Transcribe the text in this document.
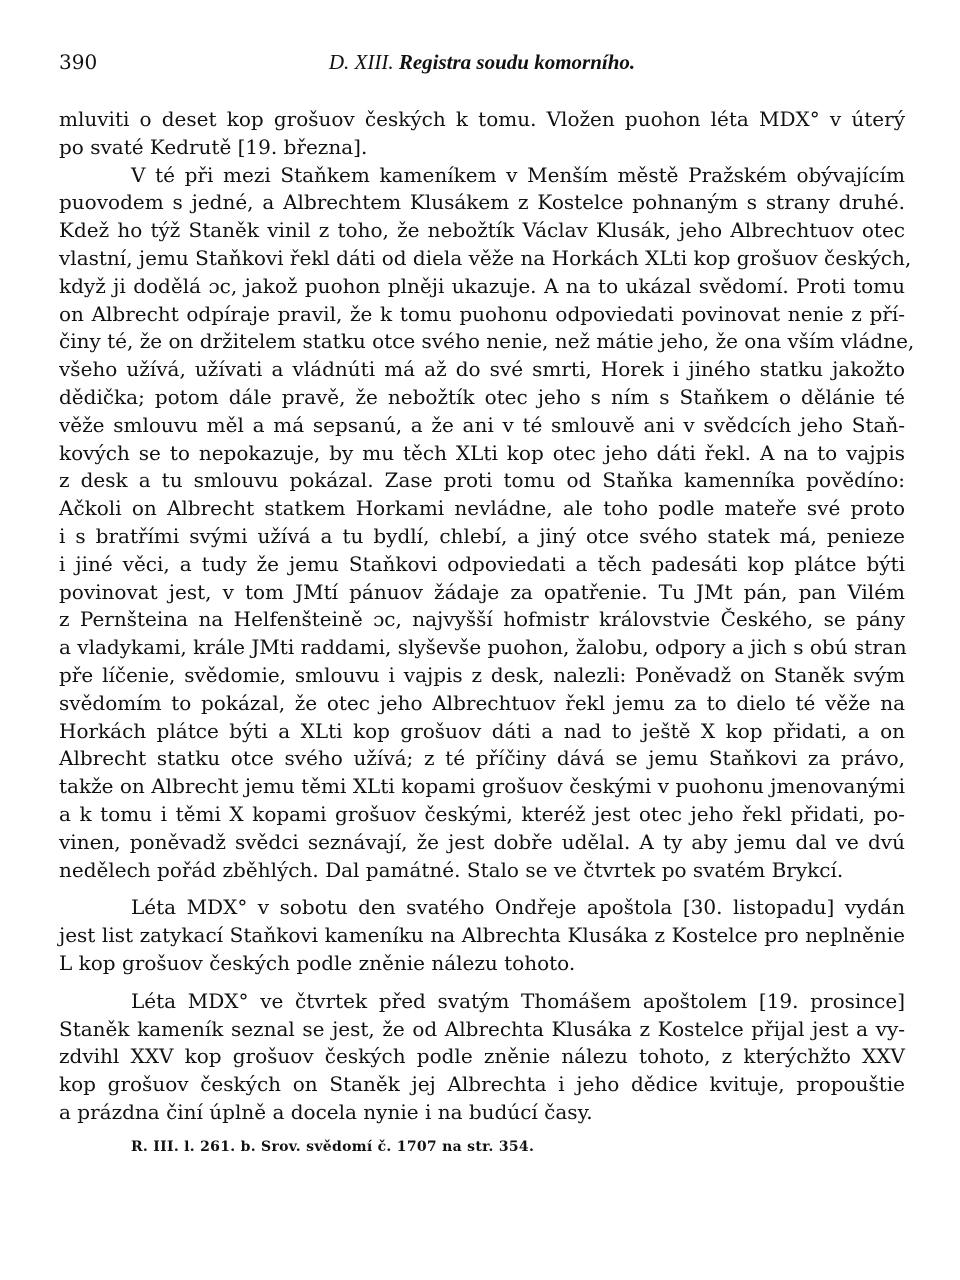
390	D. XIII. Registra soudu komorního.
mluviti o deset kop grošuov českých k tomu. Vložen puohon léta MDX° v úterý
po svaté Kedrutě [19. března].
V té při mezi Staňkem kameníkem v Menším městě Pražském obývajícím
puovodem s jedné, a Albrechtem Klusákem z Kostelce pohnaným s strany druhé.
Kdež ho týž Staněk vinil z toho, že nebožtík Václav Klusák, jeho Albrechtuov otec
vlastní, jemu Staňkovi řekl dáti od diela věže na Horkách XLti kop grošuov českých,
když ji dodělá ɔc, jakož puohon plněji ukazuje. A na to ukázal svědomí. Proti tomu
on Albrecht odpíraje pravil, že k tomu puohonu odpoviedati povinovat nenie z pří-
činy té, že on držitelem statku otce svého nenie, než mátie jeho, že ona vším vládne,
všeho užívá, užívati a vládnúti má až do své smrti, Horek i jiného statku jakožto
dědička; potom dále pravě, že nebožtík otec jeho s ním s Staňkem o dělánie té
věže smlouvu měl a má sepsanú, a že ani v té smlouvě ani v svědcích jeho Staň-
kových se to nepokazuje, by mu těch XLti kop otec jeho dáti řekl. A na to vajpis
z desk a tu smlouvu pokázal. Zase proti tomu od Staňka kamenníka povědíno:
Ačkoli on Albrecht statkem Horkami nevládne, ale toho podle mateře své proto
i s bratřími svými užívá a tu bydlí, chlebí, a jiný otce svého statek má, penieze
i jiné věci, a tudy že jemu Staňkovi odpoviedati a těch padesáti kop plátce býti
povinovat jest, v tom JMtí pánuov žádaje za opatřenie. Tu JMt pán, pan Vilém
z Pernšteina na Helfenšteině ɔc, najvyšší hofmistr královstvie Českého, se pány
a vladykami, krále JMti raddami, slyševše puohon, žalobu, odpory a jich s obú stran
pře líčenie, svědomie, smlouvu i vajpis z desk, nalezli: Poněvadž on Staněk svým
svědomím to pokázal, že otec jeho Albrechtuov řekl jemu za to dielo té věže na
Horkách plátce býti a XLti kop grošuov dáti a nad to ještě X kop přidati, a on
Albrecht statku otce svého užívá; z té příčiny dává se jemu Staňkovi za právo,
takže on Albrecht jemu těmi XLti kopami grošuov českými v puohonu jmenovanými
a k tomu i těmi X kopami grošuov českými, kteréž jest otec jeho řekl přidati, po-
vinen, poněvadž svědci seznávají, že jest dobře udělal. A ty aby jemu dal ve dvú
nedělech pořád zběhlých. Dal památné. Stalo se ve čtvrtek po svatém Brykcí.
Léta MDX° v sobotu den svatého Ondřeje apoštola [30. listopadu] vydán
jest list zatykací Staňkovi kameníku na Albrechta Klusáka z Kostelce pro neplněnie
L kop grošuov českých podle zněnie nálezu tohoto.
Léta MDX° ve čtvrtek před svatým Thomášem apoštolem [19. prosince]
Staněk kameník seznal se jest, že od Albrechta Klusáka z Kostelce přijal jest a vy-
zdvihl XXV kop grošuov českých podle zněnie nálezu tohoto, z kterýchžto XXV
kop grošuov českých on Staněk jej Albrechta i jeho dědice kvituje, propouštie
a prázdna činí úplně a docela nynie i na budúcí časy.
R. III. l. 261. b. Srov. svědomí č. 1707 na str. 354.
